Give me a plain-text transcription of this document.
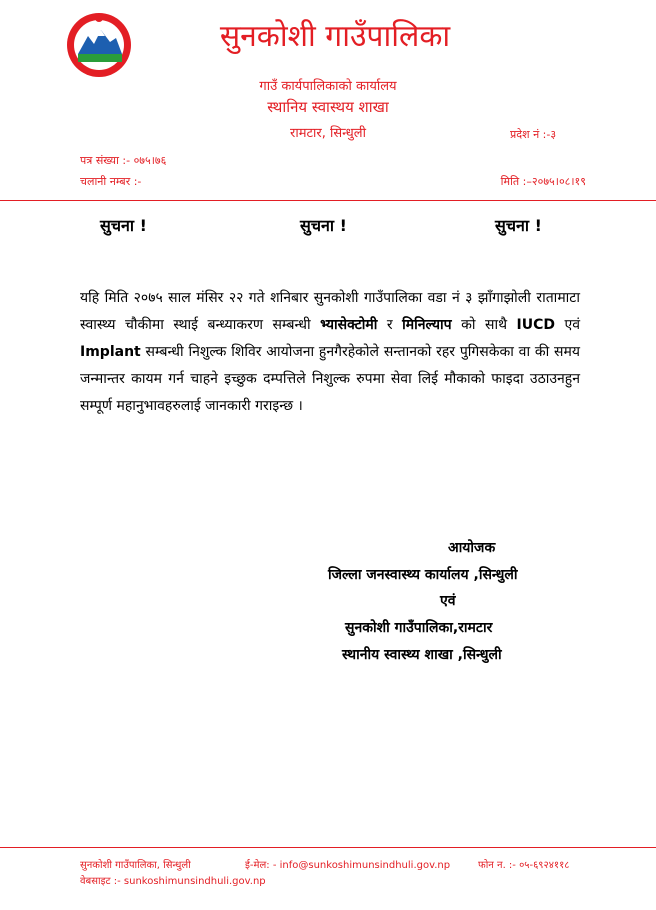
सुनकोशी गाउँपालिका
गाउँ कार्यपालिकाको कार्यालय
स्थानिय स्वास्थय शाखा
रामटार, सिन्धुली	प्रदेश नं :-३
पत्र संख्या :- ०७५।७६
चलानी नम्बर :-	मिति :–२०७५।०८।१९
सुचना !	सुचना !	सुचना !
यहि मिति २०७५ साल मंसिर २२ गते शनिबार सुनकोशी गाउँपालिका वडा नं ३ झाँगाझोली रातामाटा स्वास्थ्य चौकीमा स्थाई बन्ध्याकरण सम्बन्धी भ्यासेक्टोमी र मिनिल्याप को साथै IUCD एवं Implant सम्बन्धी निशुल्क शिविर आयोजना हुनगैरहेकोले सन्तानको रहर पुगिसकेका वा की समय जन्मान्तर कायम गर्न चाहने इच्छुक दम्पत्तिले निशुल्क रुपमा सेवा लिई मौकाको फाइदा उठाउनहुन सम्पूर्ण महानुभावहरुलाई जानकारी गराइन्छ ।
आयोजक
जिल्ला जनस्वास्थ्य कार्यालय ,सिन्धुली
एवं
सुनकोशी गाउँपालिका,रामटार
स्थानीय स्वास्थ्य शाखा ,सिन्धुली
सुनकोशी गाउँपालिका, सिन्धुली	ई-मेल: - info@sunkoshimunsindhuli.gov.np	फोन न. :- ०५-६९२४११८
वेबसाइट :- sunkoshimunsindhuli.gov.np
